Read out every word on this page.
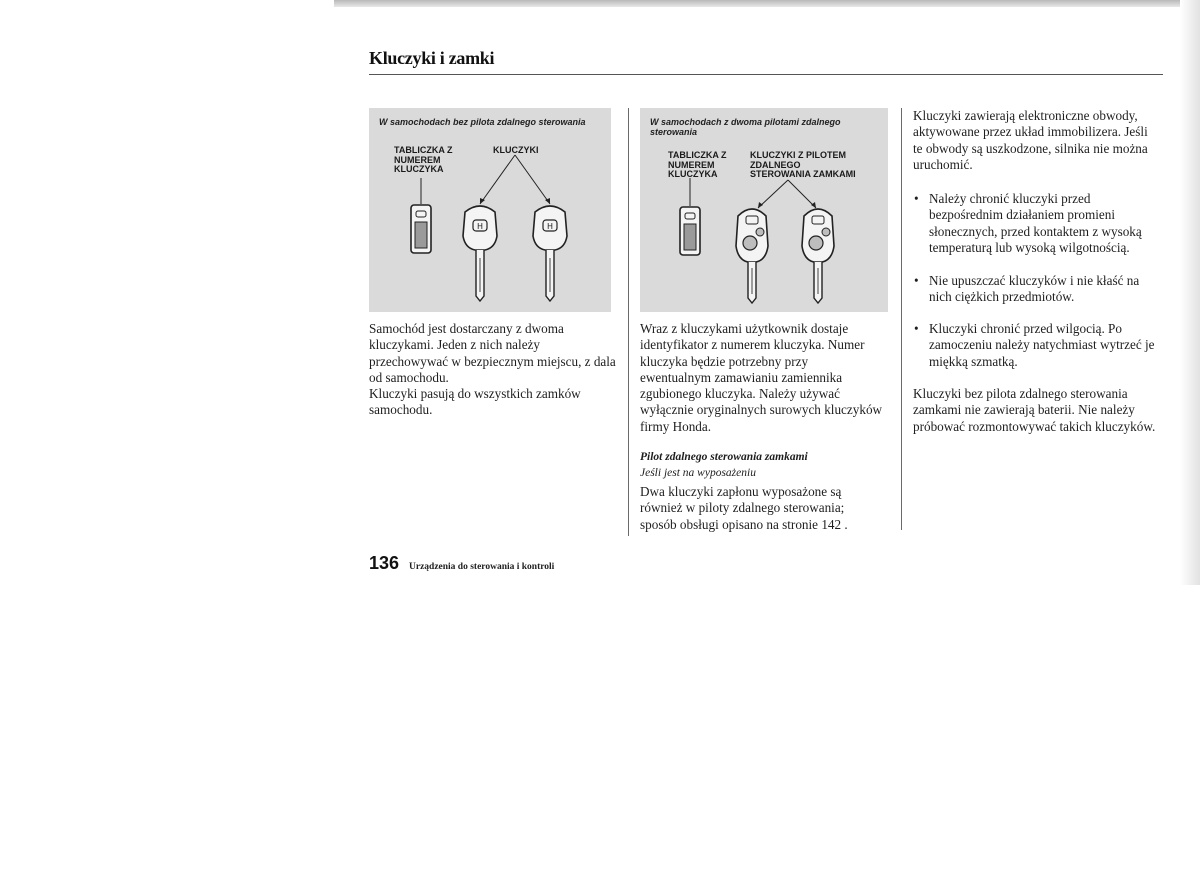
Kluczyki i zamki
H	H
W samochodach bez pilota zdalnego sterowania
TABLICZKA Z
NUMEREM
KLUCZYKA
KLUCZYKI
W samochodach z dwoma pilotami zdalnego
sterowania
TABLICZKA Z
NUMEREM
KLUCZYKA
KLUCZYKI Z PILOTEM
ZDALNEGO
STEROWANIA ZAMKAMI
Samochód jest dostarczany z dwoma
kluczykami. Jeden z nich należy
przechowywać w bezpiecznym miejscu, z dala
od samochodu.
Kluczyki pasują do wszystkich zamków
samochodu.
Wraz z kluczykami użytkownik dostaje
identyfikator z numerem kluczyka. Numer
kluczyka będzie potrzebny przy
ewentualnym zamawianiu zamiennika
zgubionego kluczyka. Należy używać
wyłącznie oryginalnych surowych kluczyków
firmy Honda.
Pilot zdalnego sterowania zamkami
Jeśli jest na wyposażeniu
Dwa kluczyki zapłonu wyposażone są
również w piloty zdalnego sterowania;
sposób obsługi opisano na stronie 142 .
Kluczyki zawierają elektroniczne obwody,
aktywowane przez układ immobilizera. Jeśli
te obwody są uszkodzone, silnika nie można
uruchomić.
• Należy chronić kluczyki przed
bezpośrednim działaniem promieni
słonecznych, przed kontaktem z wysoką
temperaturą lub wysoką wilgotnością.
• Nie upuszczać kluczyków i nie kłaść na
nich ciężkich przedmiotów.
• Kluczyki chronić przed wilgocią. Po
zamoczeniu należy natychmiast wytrzeć je
miękką szmatką.
Kluczyki bez pilota zdalnego sterowania
zamkami nie zawierają baterii. Nie należy
próbować rozmontowywać takich kluczyków.
136 Urządzenia do sterowania i kontroli
